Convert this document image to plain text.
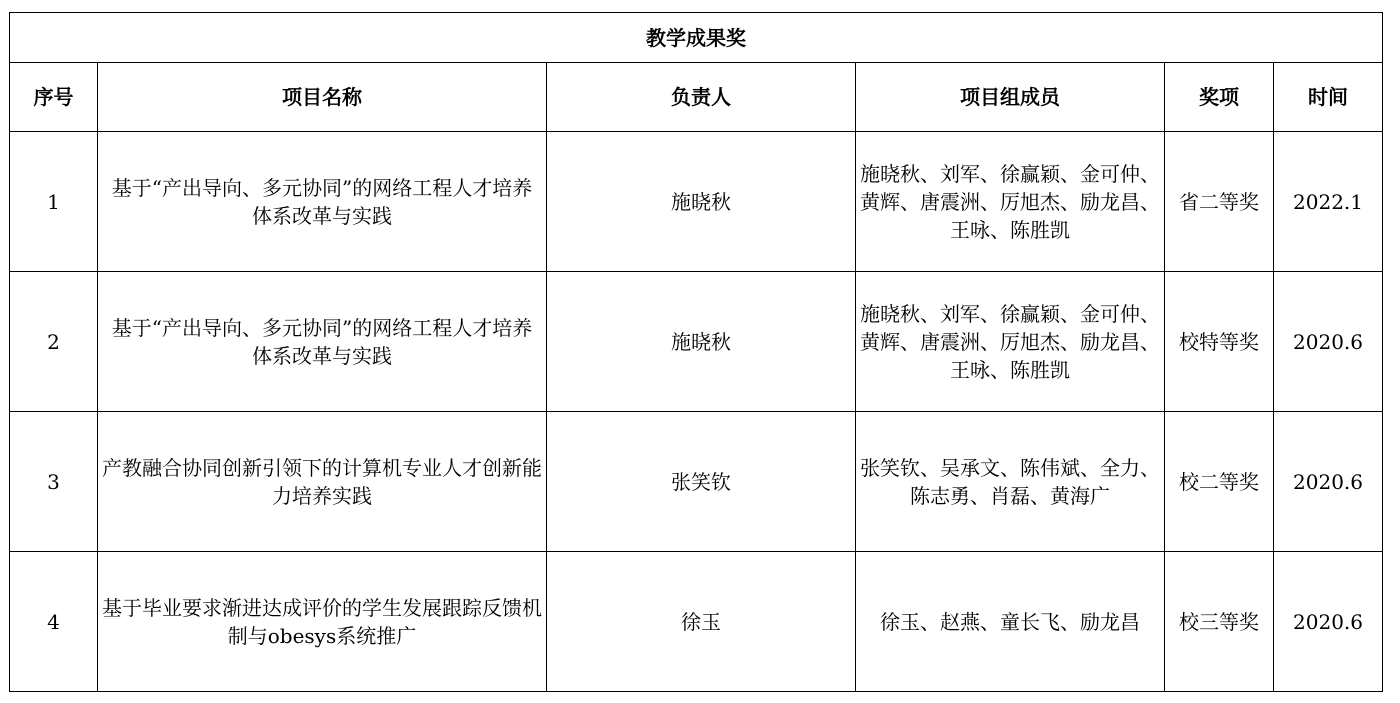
教学成果奖					
序号	项目名称	负责人	项目组成员	奖项	时间
1	基于“产出导向、多元协同”的网络工程人才培养体系改革与实践	施晓秋	施晓秋、刘军、徐赢颖、金可仲、黄辉、唐震洲、厉旭杰、励龙昌、王咏、陈胜凯	省二等奖	2022.1
2	基于“产出导向、多元协同”的网络工程人才培养体系改革与实践	施晓秋	施晓秋、刘军、徐赢颖、金可仲、黄辉、唐震洲、厉旭杰、励龙昌、王咏、陈胜凯	校特等奖	2020.6
3	产教融合协同创新引领下的计算机专业人才创新能力培养实践	张笑钦	张笑钦、吴承文、陈伟斌、全力、陈志勇、肖磊、黄海广	校二等奖	2020.6
4	基于毕业要求渐进达成评价的学生发展跟踪反馈机制与obesys系统推广	徐玉	徐玉、赵燕、童长飞、励龙昌	校三等奖	2020.6
